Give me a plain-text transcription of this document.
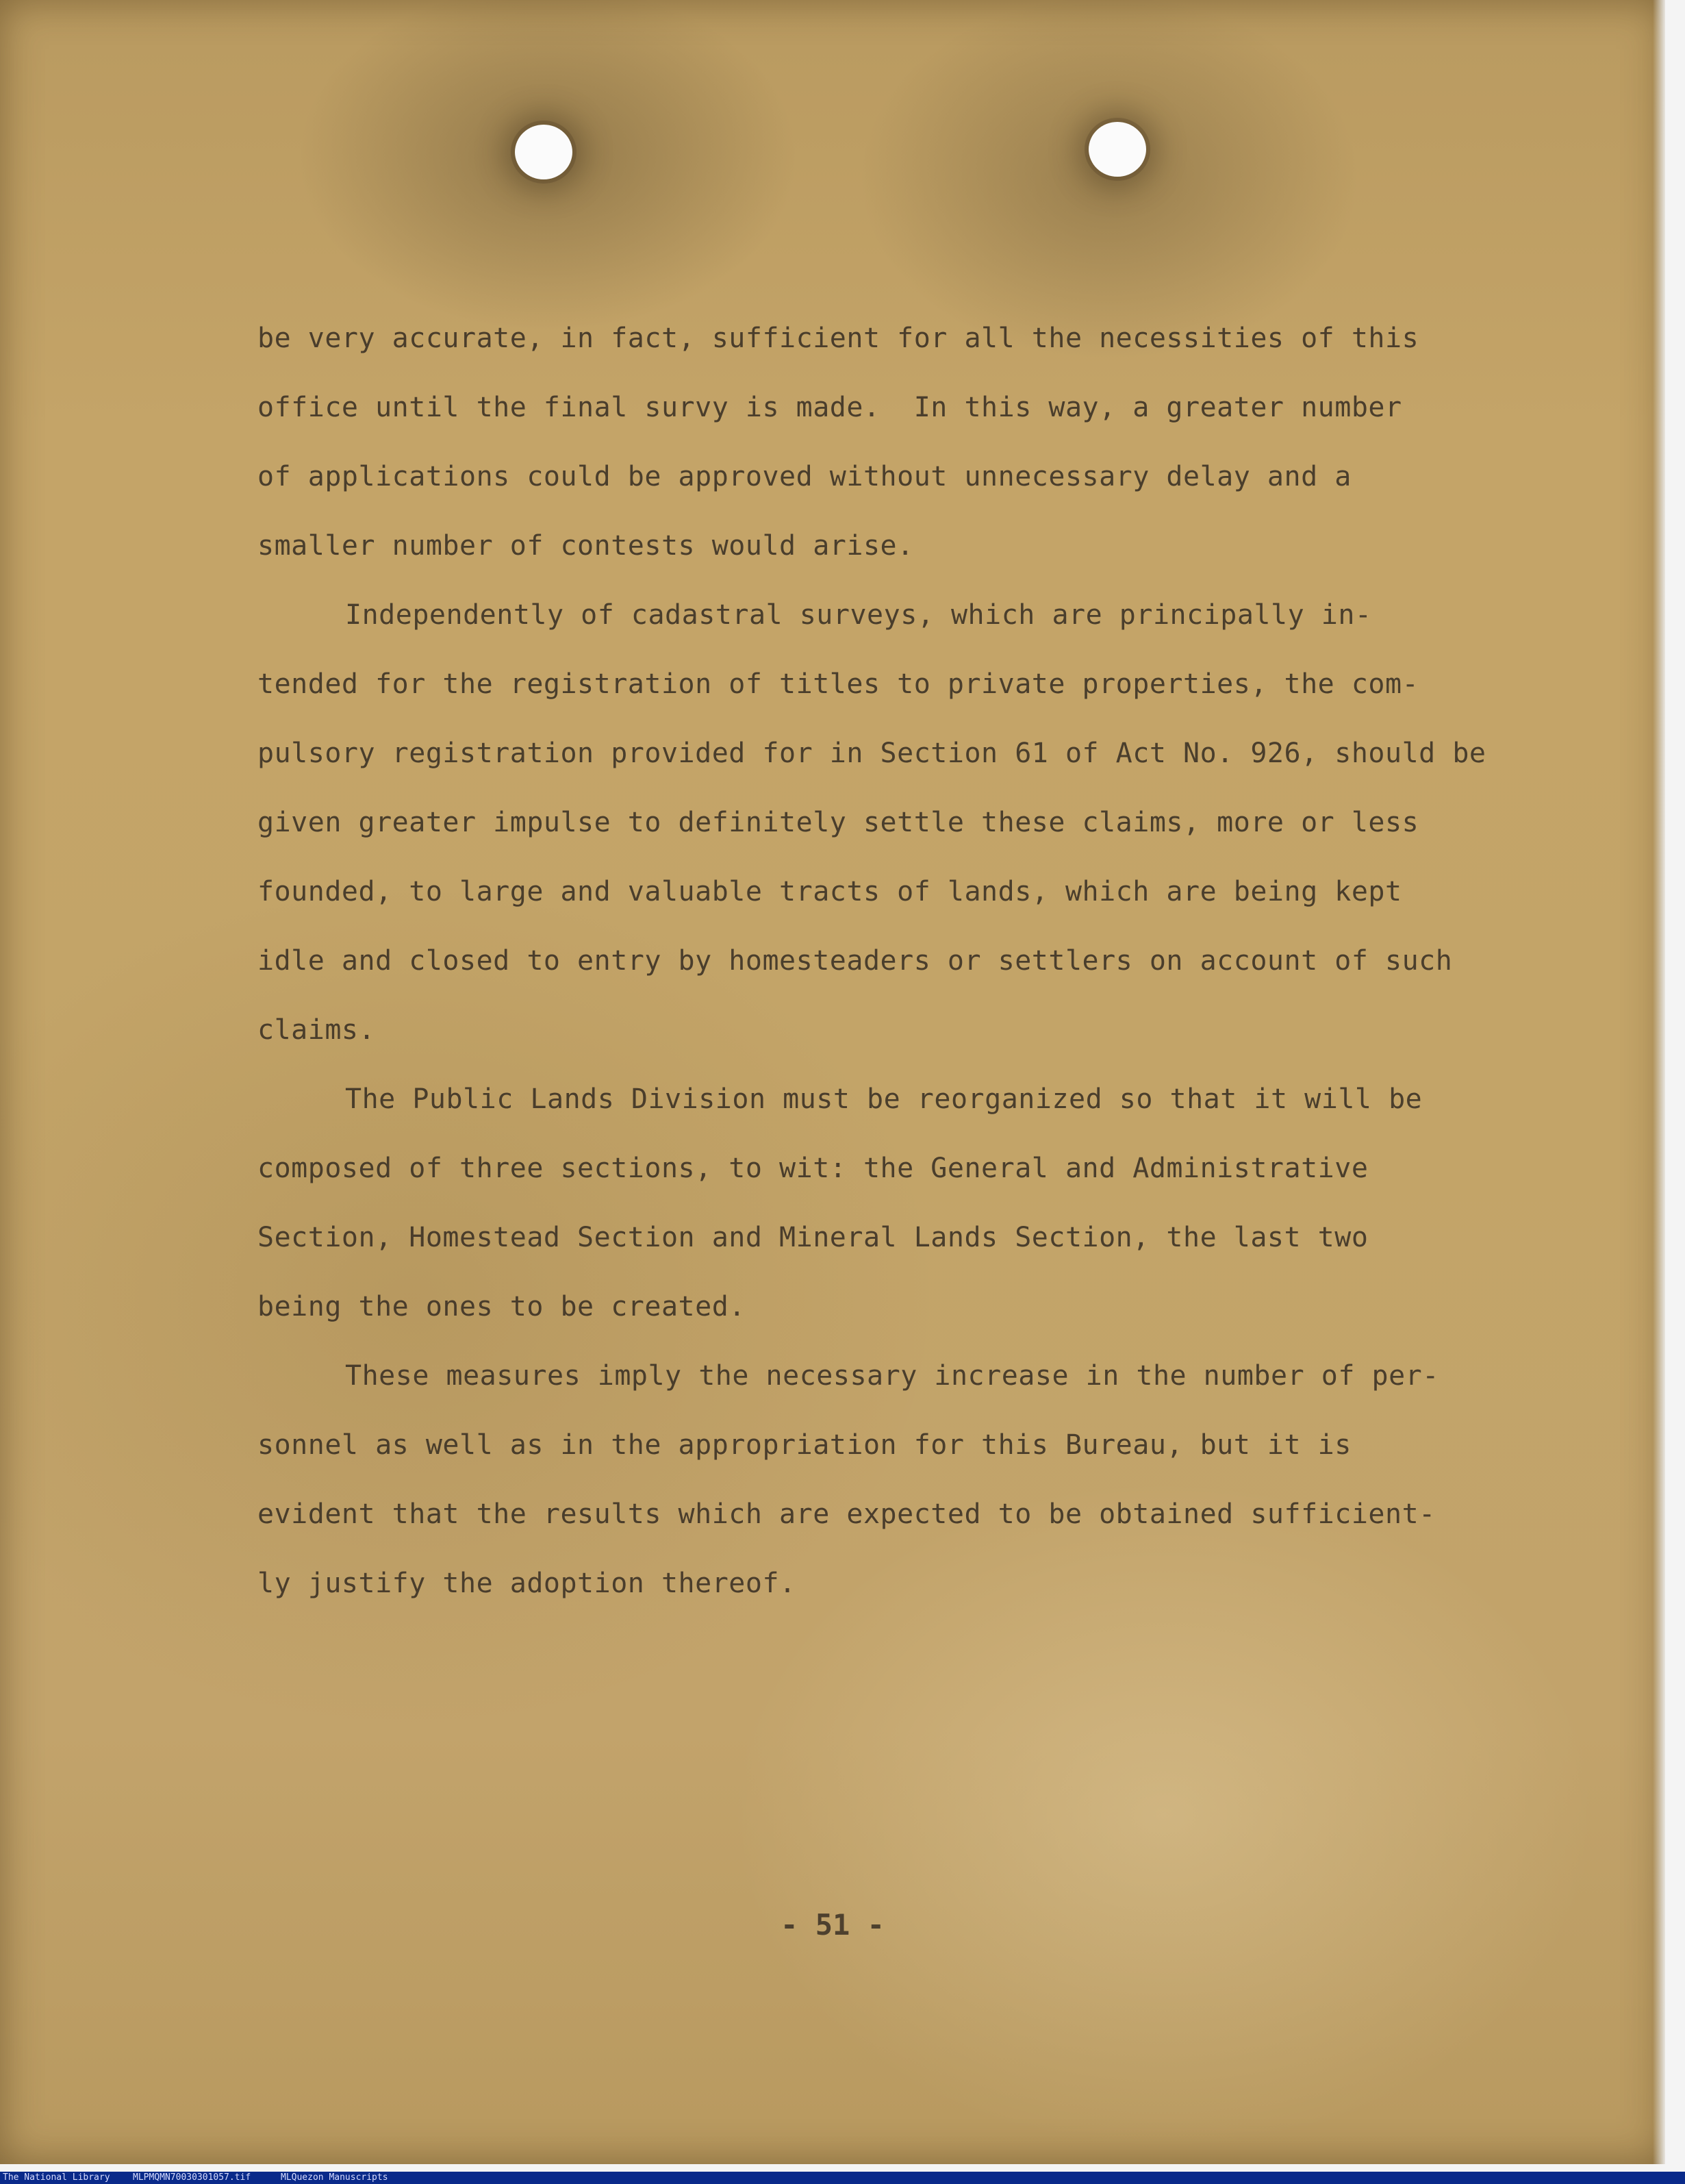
be very accurate, in fact, sufficient for all the necessities of this
office until the final survy is made.  In this way, a greater number
of applications could be approved without unnecessary delay and a
smaller number of contests would arise.
Independently of cadastral surveys, which are principally in-
tended for the registration of titles to private properties, the com-
pulsory registration provided for in Section 61 of Act No. 926, should be
given greater impulse to definitely settle these claims, more or less
founded, to large and valuable tracts of lands, which are being kept
idle and closed to entry by homesteaders or settlers on account of such
claims.
The Public Lands Division must be reorganized so that it will be
composed of three sections, to wit: the General and Administrative
Section, Homestead Section and Mineral Lands Section, the last two
being the ones to be created.
These measures imply the necessary increase in the number of per-
sonnel as well as in the appropriation for this Bureau, but it is
evident that the results which are expected to be obtained sufficient-
ly justify the adoption thereof.
- 51 -

The National Library

	MLPMQMN70030301057.tif

	MLQuezon Manuscripts
